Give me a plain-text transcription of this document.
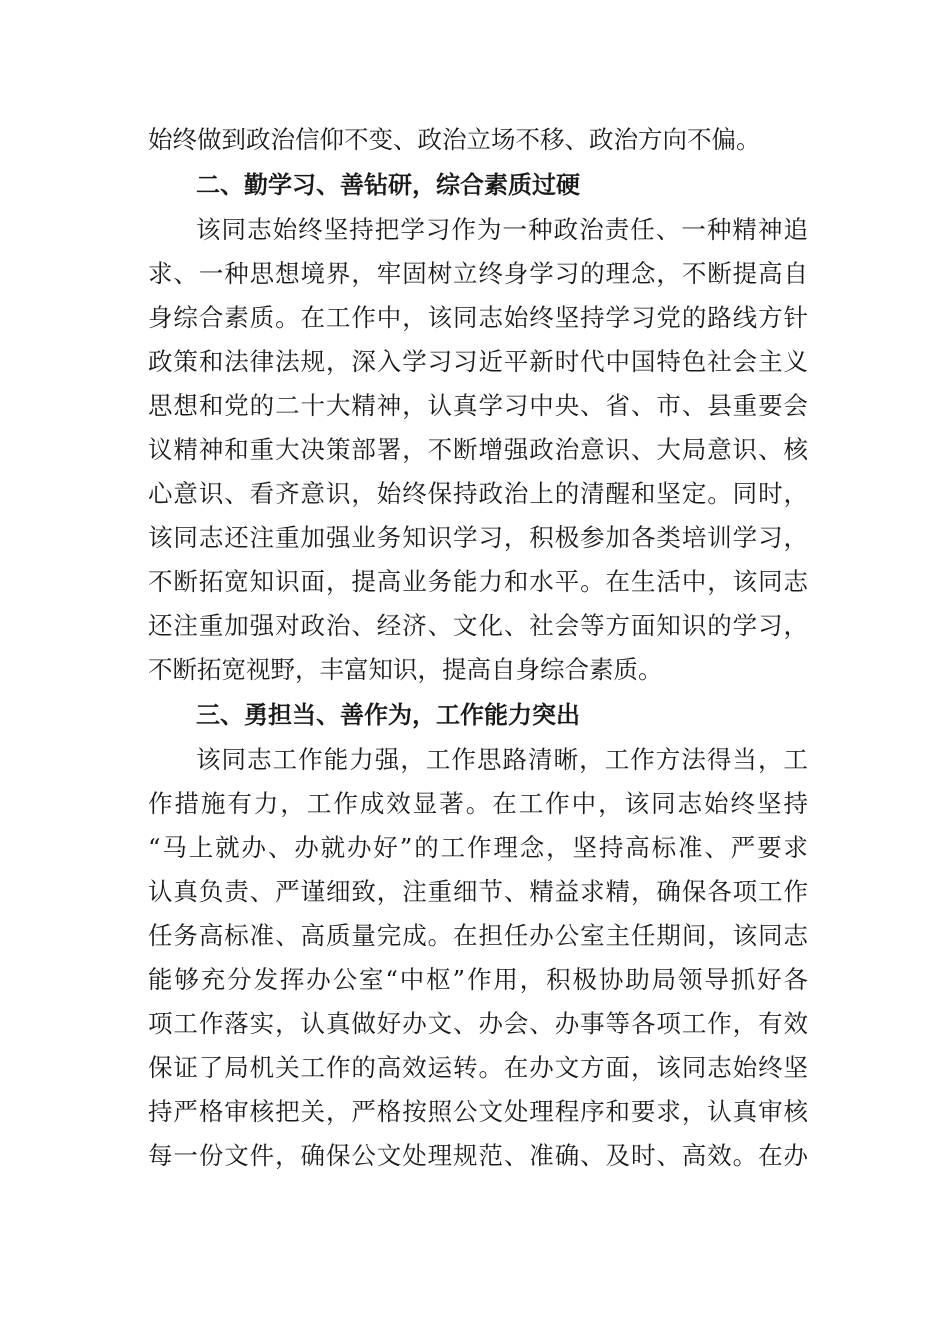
始终做到政治信仰不变、政治立场不移、政治方向不偏。
二、勤学习、善钻研，综合素质过硬
该同志始终坚持把学习作为一种政治责任、一种精神追
求、一种思想境界，牢固树立终身学习的理念，不断提高自
身综合素质。在工作中，该同志始终坚持学习党的路线方针
政策和法律法规，深入学习习近平新时代中国特色社会主义
思想和党的二十大精神，认真学习中央、省、市、县重要会
议精神和重大决策部署，不断增强政治意识、大局意识、核
心意识、看齐意识，始终保持政治上的清醒和坚定。同时，
该同志还注重加强业务知识学习，积极参加各类培训学习，
不断拓宽知识面，提高业务能力和水平。在生活中，该同志
还注重加强对政治、经济、文化、社会等方面知识的学习，
不断拓宽视野，丰富知识，提高自身综合素质。
三、勇担当、善作为，工作能力突出
该同志工作能力强，工作思路清晰，工作方法得当，工
作措施有力，工作成效显著。在工作中，该同志始终坚持
“马上就办、办就办好”的工作理念，坚持高标准、严要求
认真负责、严谨细致，注重细节、精益求精，确保各项工作
任务高标准、高质量完成。在担任办公室主任期间，该同志
能够充分发挥办公室“中枢”作用，积极协助局领导抓好各
项工作落实，认真做好办文、办会、办事等各项工作，有效
保证了局机关工作的高效运转。在办文方面，该同志始终坚
持严格审核把关，严格按照公文处理程序和要求，认真审核
每一份文件，确保公文处理规范、准确、及时、高效。在办
